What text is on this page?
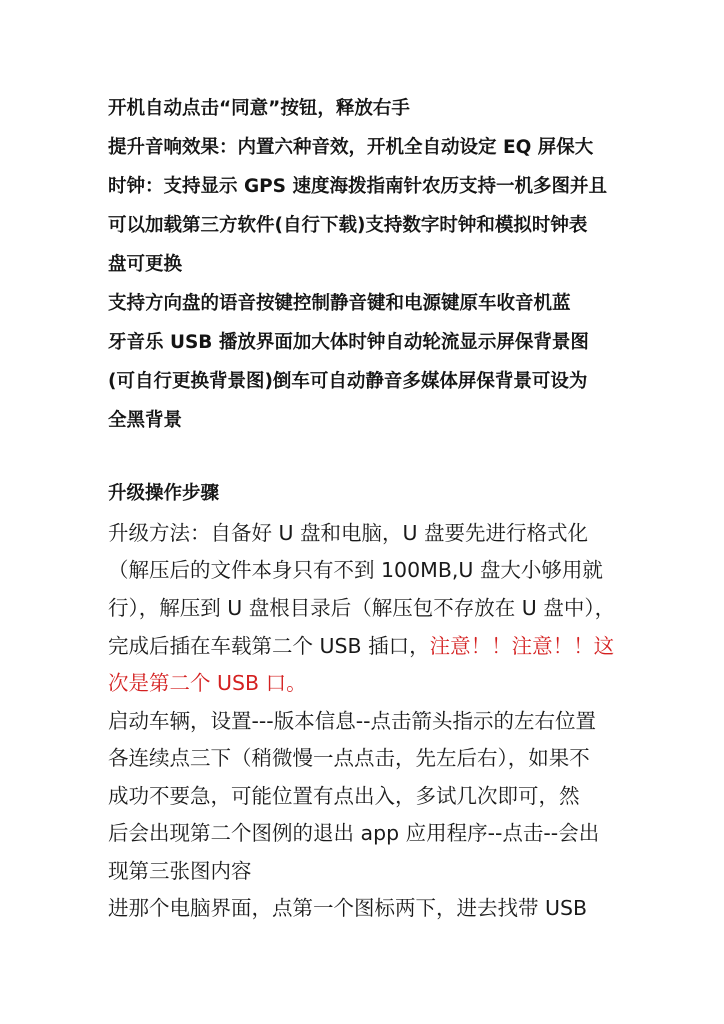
开机自动点击“同意”按钮，释放右手
提升音响效果：内置六种音效，开机全自动设定 EQ 屏保大
时钟：支持显示 GPS 速度海拨指南针农历支持一机多图并且
可以加载第三方软件(自行下载)支持数字时钟和模拟时钟表
盘可更换
支持方向盘的语音按键控制静音键和电源键原车收音机蓝
牙音乐 USB 播放界面加大体时钟自动轮流显示屏保背景图
(可自行更换背景图)倒车可自动静音多媒体屏保背景可设为
全黑背景
升级操作步骤
升级方法：自备好 U 盘和电脑，U 盘要先进行格式化
（解压后的文件本身只有不到 100MB,U 盘大小够用就
行），解压到 U 盘根目录后（解压包不存放在 U 盘中），
完成后插在车载第二个 USB 插口，注意！！注意！！这
次是第二个 USB 口。
启动车辆，设置---版本信息--点击箭头指示的左右位置
各连续点三下（稍微慢一点点击，先左后右），如果不
成功不要急，可能位置有点出入，多试几次即可，然
后会出现第二个图例的退出 app 应用程序--点击--会出
现第三张图内容
进那个电脑界面，点第一个图标两下，进去找带 USB
